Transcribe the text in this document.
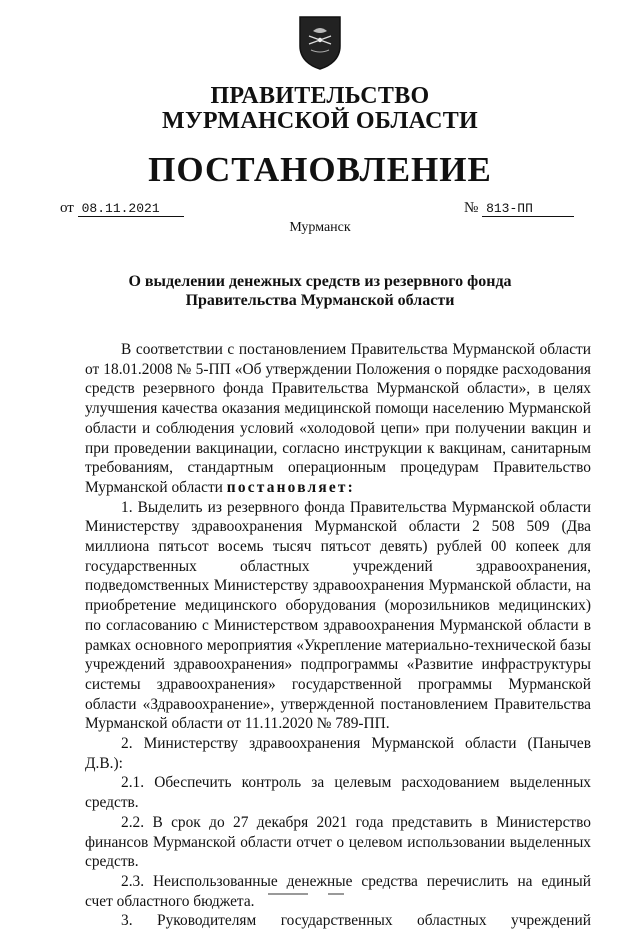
ПРАВИТЕЛЬСТВО
МУРМАНСКОЙ ОБЛАСТИ
ПОСТАНОВЛЕНИЕ
от 08.11.2021	№ 813-ПП
Мурманск
О выделении денежных средств из резервного фонда
Правительства Мурманской области

В соответствии с постановлением Правительства Мурманской области от 18.01.2008 № 5-ПП «Об утверждении Положения о порядке расходования средств резервного фонда Правительства Мурманской области», в целях улучшения качества оказания медицинской помощи населению Мурманской области и соблюдения условий «холодовой цепи» при получении вакцин и при проведении вакцинации, согласно инструкции к вакцинам, санитарным требованиям, стандартным операционным процедурам Правительство Мурманской области постановляет:

1. Выделить из резервного фонда Правительства Мурманской области Министерству здравоохранения Мурманской области 2 508 509 (Два миллиона пятьсот восемь тысяч пятьсот девять) рублей 00 копеек для государственных областных учреждений здравоохранения, подведомственных Министерству здравоохранения Мурманской области, на приобретение медицинского оборудования (морозильников медицинских) по согласованию с Министерством здравоохранения Мурманской области в рамках основного мероприятия «Укрепление материально-технической базы учреждений здравоохранения» подпрограммы «Развитие инфраструктуры системы здравоохранения» государственной программы Мурманской области «Здравоохранение», утвержденной постановлением Правительства Мурманской области от 11.11.2020 № 789-ПП.

2. Министерству здравоохранения Мурманской области (Панычев Д.В.):

2.1. Обеспечить контроль за целевым расходованием выделенных средств.

2.2. В срок до 27 декабря 2021 года представить в Министерство финансов Мурманской области отчет о целевом использовании выделенных средств.

2.3. Неиспользованные денежные средства перечислить на единый счет областного бюджета.

3. Руководителям государственных областных учреждений
